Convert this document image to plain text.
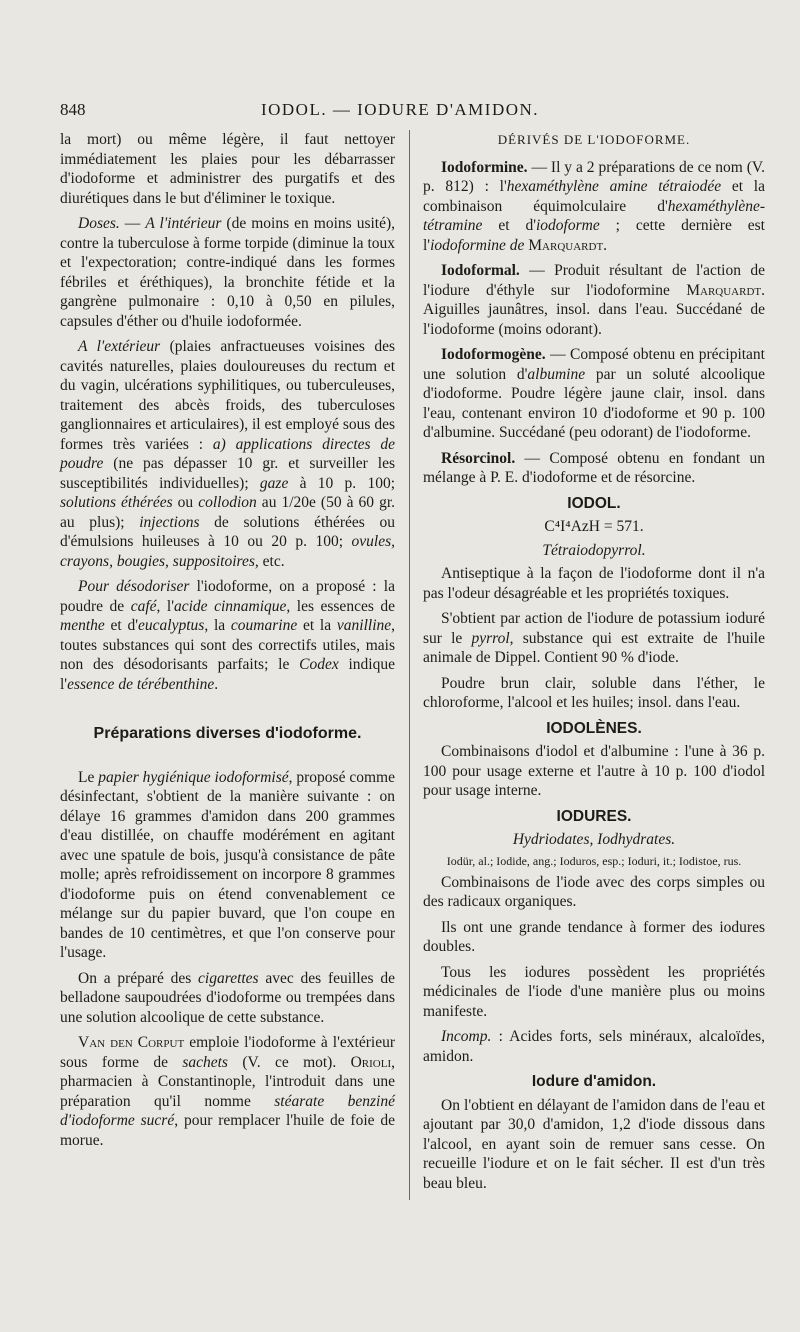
848	IODOL. — IODURE D'AMIDON.

la mort) ou même légère, il faut nettoyer immédiatement les plaies pour les débarrasser d'iodoforme et administrer des purgatifs et des diurétiques dans le but d'éliminer le toxique.

Doses. — A l'intérieur (de moins en moins usité), contre la tuberculose à forme torpide (diminue la toux et l'expectoration; contre-indiqué dans les formes fébriles et éréthiques), la bronchite fétide et la gangrène pulmonaire : 0,10 à 0,50 en pilules, capsules d'éther ou d'huile iodoformée.

A l'extérieur (plaies anfractueuses voisines des cavités naturelles, plaies douloureuses du rectum et du vagin, ulcérations syphilitiques, ou tuberculeuses, traitement des abcès froids, des tuberculoses ganglionnaires et articulaires), il est employé sous des formes très variées : a) applications directes de poudre (ne pas dépasser 10 gr. et surveiller les susceptibilités individuelles); gaze à 10 p. 100; solutions éthérées ou collodion au 1/20e (50 à 60 gr. au plus); injections de solutions éthérées ou d'émulsions huileuses à 10 ou 20 p. 100; ovules, crayons, bougies, suppositoires, etc.

Pour désodoriser l'iodoforme, on a proposé : la poudre de café, l'acide cinnamique, les essences de menthe et d'eucalyptus, la coumarine et la vanilline, toutes substances qui sont des correctifs utiles, mais non des désodorisants parfaits; le Codex indique l'essence de térébenthine.

Préparations diverses d'iodoforme.

Le papier hygiénique iodoformisé, proposé comme désinfectant, s'obtient de la manière suivante : on délaye 16 grammes d'amidon dans 200 grammes d'eau distillée, on chauffe modérément en agitant avec une spatule de bois, jusqu'à consistance de pâte molle; après refroidissement on incorpore 8 grammes d'iodoforme puis on étend convenablement ce mélange sur du papier buvard, que l'on coupe en bandes de 10 centimètres, et que l'on conserve pour l'usage.

On a préparé des cigarettes avec des feuilles de belladone saupoudrées d'iodoforme ou trempées dans une solution alcoolique de cette substance.

Van den Corput emploie l'iodoforme à l'extérieur sous forme de sachets (V. ce mot). Orioli, pharmacien à Constantinople, l'introduit dans une préparation qu'il nomme stéarate benziné d'iodoforme sucré, pour remplacer l'huile de foie de morue.

DÉRIVÉS DE L'IODOFORME.

Iodoformine. — Il y a 2 préparations de ce nom (V. p. 812) : l'hexaméthylène amine tétraiodée et la combinaison équimolculaire d'hexaméthylène-tétramine et d'iodoforme ; cette dernière est l'iodoformine de Marquardt.

Iodoformal. — Produit résultant de l'action de l'iodure d'éthyle sur l'iodoformine Marquardt. Aiguilles jaunâtres, insol. dans l'eau. Succédané de l'iodoforme (moins odorant).

Iodoformogène. — Composé obtenu en précipitant une solution d'albumine par un soluté alcoolique d'iodoforme. Poudre légère jaune clair, insol. dans l'eau, contenant environ 10 d'iodoforme et 90 p. 100 d'albumine. Succédané (peu odorant) de l'iodoforme.

Résorcinol. — Composé obtenu en fondant un mélange à P. E. d'iodoforme et de résorcine.

IODOL.
C⁴I⁴AzH = 571.
Tétraiodopyrrol.

Antiseptique à la façon de l'iodoforme dont il n'a pas l'odeur désagréable et les propriétés toxiques.

S'obtient par action de l'iodure de potassium ioduré sur le pyrrol, substance qui est extraite de l'huile animale de Dippel. Contient 90 % d'iode.

Poudre brun clair, soluble dans l'éther, le chloroforme, l'alcool et les huiles; insol. dans l'eau.

IODOLÈNES.

Combinaisons d'iodol et d'albumine : l'une à 36 p. 100 pour usage externe et l'autre à 10 p. 100 d'iodol pour usage interne.

IODURES.
Hydriodates, Iodhydrates.
Iodür, al.; Iodide, ang.; Ioduros, esp.; Ioduri, it.; Iodistoe, rus.

Combinaisons de l'iode avec des corps simples ou des radicaux organiques.

Ils ont une grande tendance à former des iodures doubles.

Tous les iodures possèdent les propriétés médicinales de l'iode d'une manière plus ou moins manifeste.

Incomp. : Acides forts, sels minéraux, alcaloïdes, amidon.

Iodure d'amidon.

On l'obtient en délayant de l'amidon dans de l'eau et ajoutant par 30,0 d'amidon, 1,2 d'iode dissous dans l'alcool, en ayant soin de remuer sans cesse. On recueille l'iodure et on le fait sécher. Il est d'un très beau bleu.
